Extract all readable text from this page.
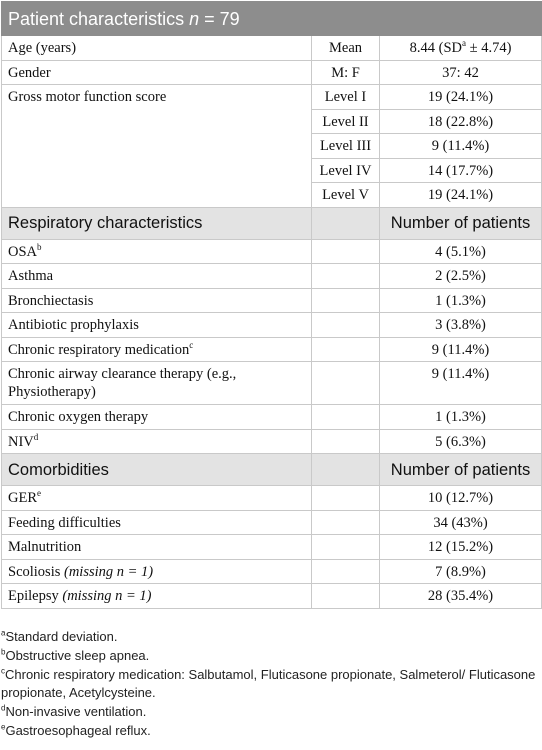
Patient characteristics n = 79		
Age (years)	Mean	8.44 $(SD^a \pm 4.74)$
Gender	M: F	37: 42
Gross motor function score	Level I	19 (24.1%)
	Level II	18 (22.8%)
	Level III	9 (11.4%)
	Level IV	14 (17.7%)
	Level V	19 (24.1%)
Respiratory characteristics		Number of patients
OSA$^b$		4 (5.1%)
Asthma		2 (2.5%)
Bronchiectasis		1 (1.3%)
Antibiotic prophylaxis		3 (3.8%)
Chronic respiratory medication$^c$		9 (11.4%)
Chronic airway clearance therapy (e.g., Physiotherapy)		9 (11.4%)
Chronic oxygen therapy		1 (1.3%)
NIV$^d$		5 (6.3%)
Comorbidities		Number of patients
GER$^e$		10 (12.7%)
Feeding difficulties		34 (43%)
Malnutrition		12 (15.2%)
Scoliosis (missing n = 1)		7 (8.9%)
Epilepsy (missing n = 1)		28 (35.4%)
$^a$Standard deviation.
$^b$Obstructive sleep apnea.
$^c$Chronic respiratory medication: Salbutamol, Fluticasone propionate, Salmeterol/ Fluticasone propionate, Acetylcysteine.
$^d$Non-invasive ventilation.
$^e$Gastroesophageal reflux.
